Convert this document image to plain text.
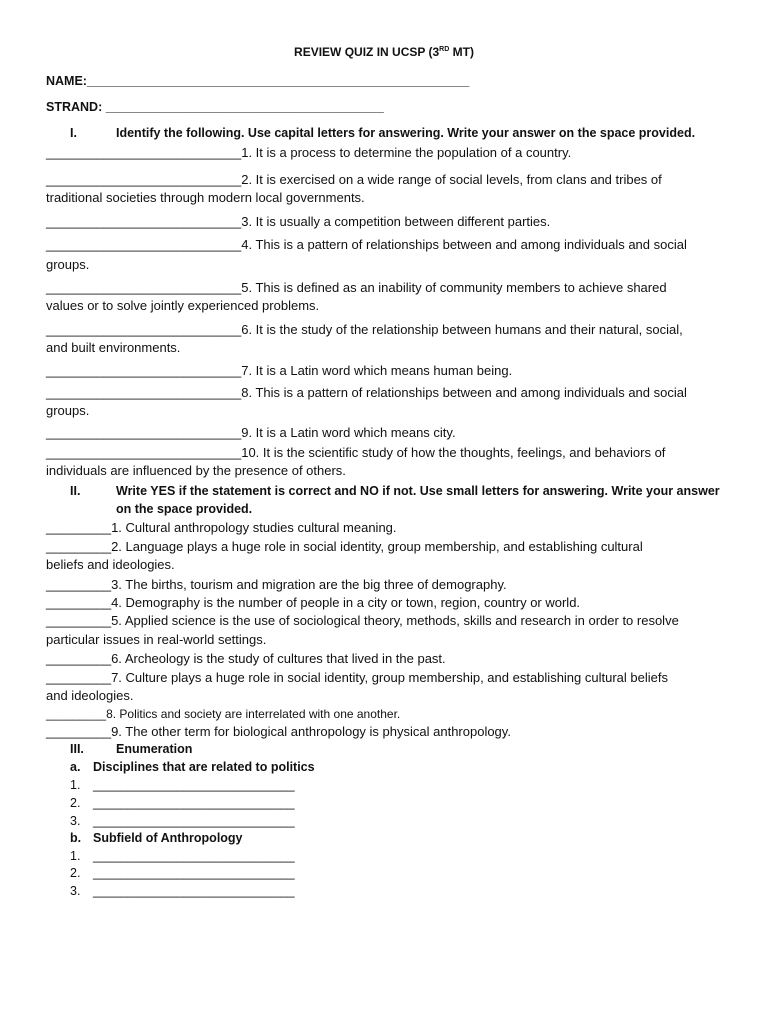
REVIEW QUIZ IN UCSP (3RD MT)
NAME:_______________________________________________________
STRAND: ________________________________________
I.	Identify the following. Use capital letters for answering. Write your answer on the space provided.
___________________________1. It is a process to determine the population of a country.
___________________________2. It is exercised on a wide range of social levels, from clans and tribes of
traditional societies through modern local governments.
___________________________3. It is usually a competition between different parties.
___________________________4. This is a pattern of relationships between and among individuals and social
groups.
___________________________5. This is defined as an inability of community members to achieve shared
values or to solve jointly experienced problems.
___________________________6. It is the study of the relationship between humans and their natural, social,
and built environments.
___________________________7. It is a Latin word which means human being.
___________________________8. This is a pattern of relationships between and among individuals and social
groups.
___________________________9. It is a Latin word which means city.
___________________________10. It is the scientific study of how the thoughts, feelings, and behaviors of
individuals are influenced by the presence of others.
II.	Write YES if the statement is correct and NO if not. Use small letters for answering. Write your answer
on the space provided.
_________1. Cultural anthropology studies cultural meaning.
_________2. Language plays a huge role in social identity, group membership, and establishing cultural
beliefs and ideologies.
_________3. The births, tourism and migration are the big three of demography.
_________4. Demography is the number of people in a city or town, region, country or world.
_________5. Applied science is the use of sociological theory, methods, skills and research in order to resolve
particular issues in real-world settings.
_________6. Archeology is the study of cultures that lived in the past.
_________7. Culture plays a huge role in social identity, group membership, and establishing cultural beliefs
and ideologies.
_________8. Politics and society are interrelated with one another.
_________9. The other term for biological anthropology is physical anthropology.
III.	Enumeration
a. Disciplines that are related to politics
1. _____________________________
2. _____________________________
3. _____________________________
b. Subfield of Anthropology
1. _____________________________
2. _____________________________
3. _____________________________
